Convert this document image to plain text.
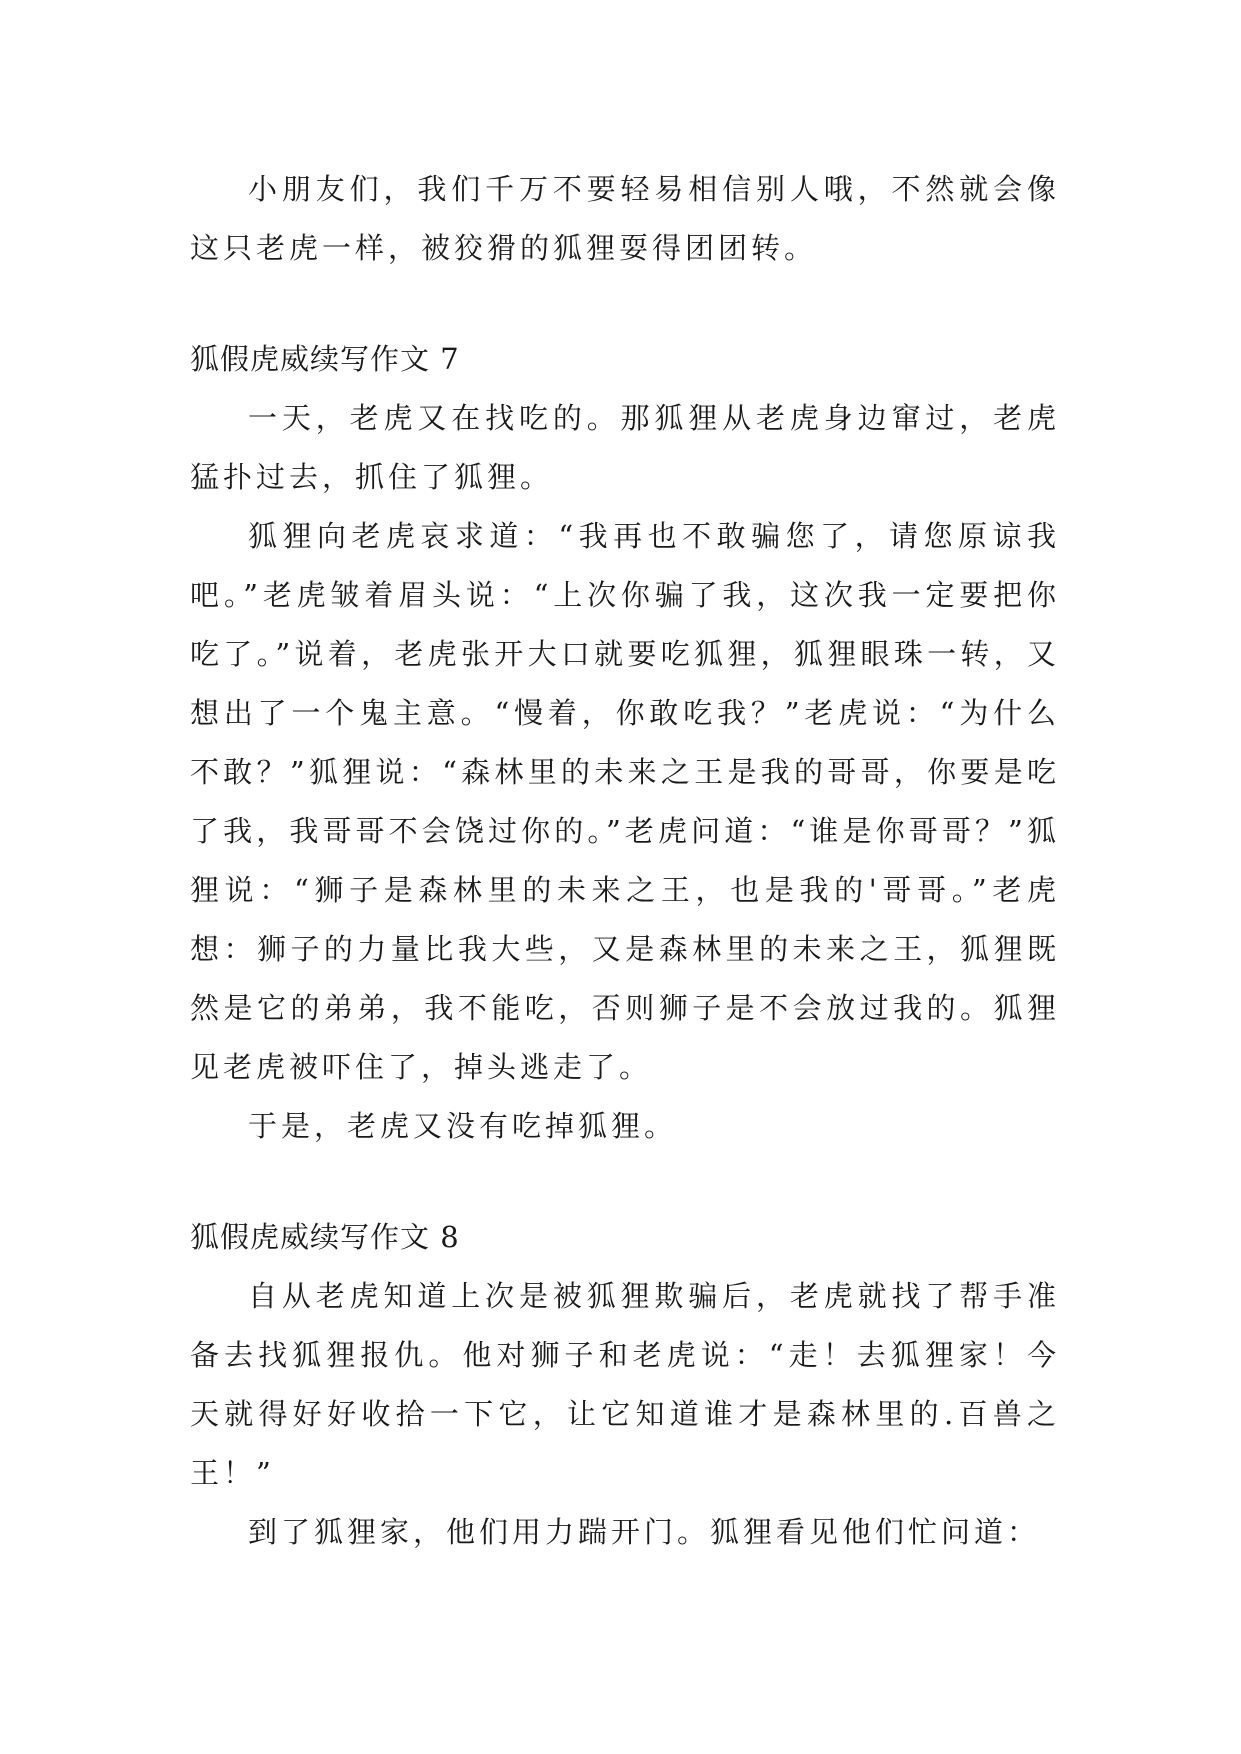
小朋友们，我们千万不要轻易相信别人哦，不然就会像这只老虎一样，被狡猾的狐狸耍得团团转。

狐假虎威续写作文 7

一天，老虎又在找吃的。那狐狸从老虎身边窜过，老虎猛扑过去，抓住了狐狸。

狐狸向老虎哀求道：“我再也不敢骗您了，请您原谅我吧。”老虎皱着眉头说：“上次你骗了我，这次我一定要把你吃了。”说着，老虎张开大口就要吃狐狸，狐狸眼珠一转，又想出了一个鬼主意。“慢着，你敢吃我？”老虎说：“为什么不敢？”狐狸说：“森林里的未来之王是我的哥哥，你要是吃了我，我哥哥不会饶过你的。”老虎问道：“谁是你哥哥？”狐狸说：“狮子是森林里的未来之王，也是我的'哥哥。”老虎想：狮子的力量比我大些，又是森林里的未来之王，狐狸既然是它的弟弟，我不能吃，否则狮子是不会放过我的。狐狸见老虎被吓住了，掉头逃走了。

于是，老虎又没有吃掉狐狸。

狐假虎威续写作文 8

自从老虎知道上次是被狐狸欺骗后，老虎就找了帮手准备去找狐狸报仇。他对狮子和老虎说：“走！去狐狸家！今天就得好好收拾一下它，让它知道谁才是森林里的.百兽之王！”

到了狐狸家，他们用力踹开门。狐狸看见他们忙问道：
